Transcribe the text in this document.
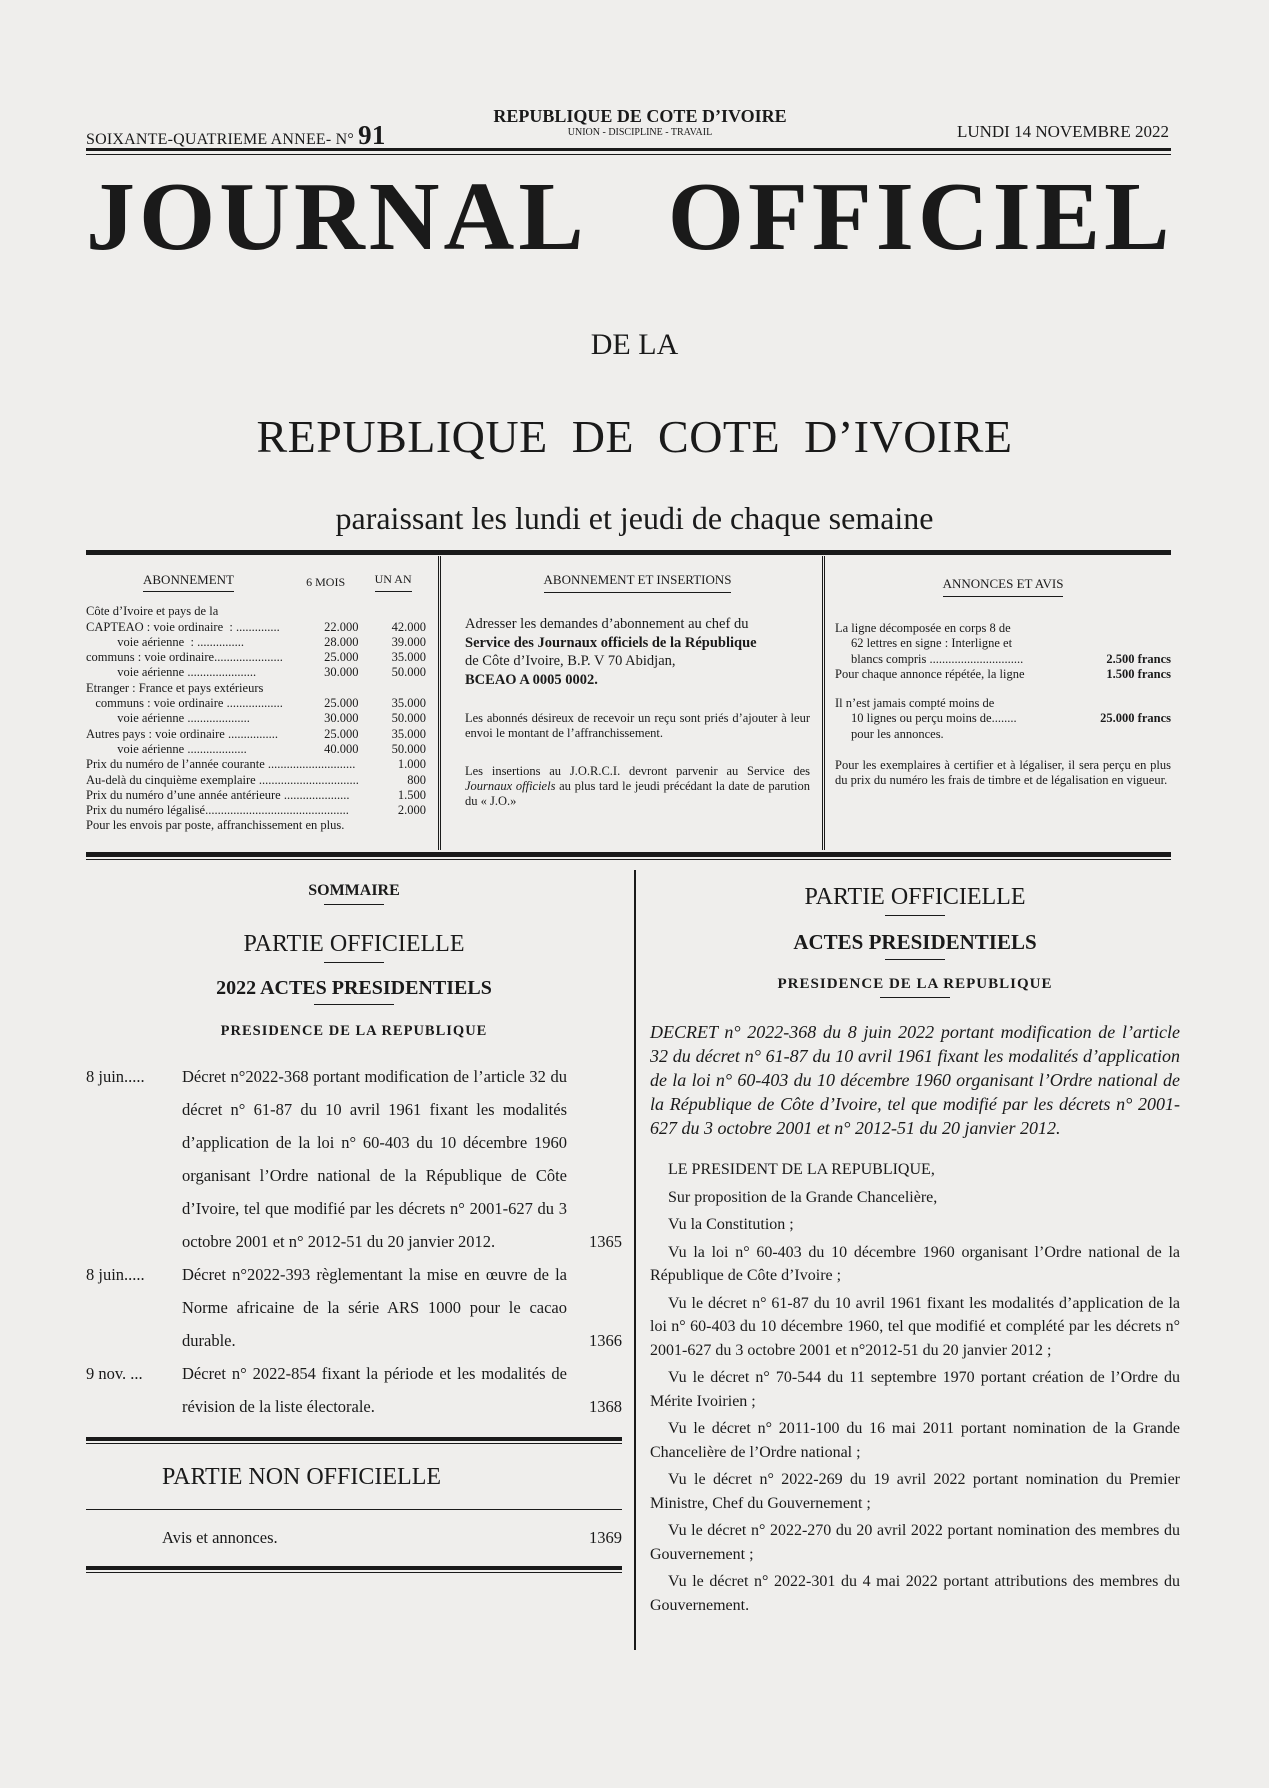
SOIXANTE-QUATRIEME ANNEE- N° 91
REPUBLIQUE DE COTE D’IVOIRE
UNION - DISCIPLINE - TRAVAIL	LUNDI 14 NOVEMBRE 2022
JOURNAL   OFFICIEL
DE LA
REPUBLIQUE  DE  COTE  D’IVOIRE
paraissant les lundi et jeudi de chaque semaine
ABONNEMENT	6 MOIS	UN AN
Côte d’Ivoire et pays de la		
CAPTEAO : voie ordinaire  : ..............	22.000	42.000
voie aérienne  : ...............	28.000	39.000
communs : voie ordinaire......................	25.000	35.000
voie aérienne ......................	30.000	50.000
Etranger : France et pays extérieurs		
communs : voie ordinaire ..................	25.000	35.000
voie aérienne ....................	30.000	50.000
Autres pays : voie ordinaire ................	25.000	35.000
voie aérienne ...................	40.000	50.000
Prix du numéro de l’année courante ............................	1.000
Au-delà du cinquième exemplaire ................................	800
Prix du numéro d’une année antérieure .....................	1.500
Prix du numéro légalisé..............................................	2.000
Pour les envois par poste, affranchissement en plus.	
ABONNEMENT ET INSERTIONS

Adresser les demandes d’abonnement au chef du
Service des Journaux officiels de la République
de Côte d’Ivoire, B.P. V 70 Abidjan,
BCEAO A 0005 0002.

Les abonnés désireux de recevoir un reçu sont priés d’ajouter à leur envoi le montant de l’affranchissement.

Les insertions au J.O.R.C.I. devront parvenir au Service des Journaux officiels au plus tard le jeudi précédant la date de parution du « J.O.»

ANNONCES ET AVIS
La ligne décomposée en corps 8 de
62 lettres en signe : Interligne et
blancs compris ..............................	2.500 francs
Pour chaque annonce répétée, la ligne	1.500 francs
Il n’est jamais compté moins de
10 lignes ou perçu moins de........	25.000 francs
pour les annonces.
Pour les exemplaires à certifier et à légaliser, il sera perçu en plus du prix du numéro les frais de timbre et de légalisation en vigueur.
SOMMAIRE
PARTIE OFFICIELLE
2022 ACTES PRESIDENTIELS
PRESIDENCE DE LA REPUBLIQUE
8 juin.....	Décret n°2022-368 portant modification de l’article 32 du décret n° 61-87 du 10 avril 1961 fixant les modalités d’application de la loi n° 60-403 du 10 décembre 1960 organisant l’Ordre national de la République de Côte d’Ivoire, tel que modifié par les décrets n° 2001-627 du 3 octobre 2001 et n° 2012-51 du 20 janvier 2012.	1365
8 juin.....	Décret n°2022-393 règlementant la mise en œuvre de la Norme africaine de la série ARS 1000 pour le cacao durable.	1366
9 nov. ...	Décret n° 2022-854 fixant la période et les modalités de révision de la liste électorale.	1368
PARTIE NON OFFICIELLE
Avis et annonces.	1369
PARTIE OFFICIELLE
ACTES PRESIDENTIELS
PRESIDENCE DE LA REPUBLIQUE
DECRET n° 2022-368 du 8 juin 2022 portant modification de l’article 32 du décret n° 61-87 du 10 avril 1961 fixant les modalités d’application de la loi n° 60-403 du 10 décembre 1960 organisant l’Ordre national de la République de Côte d’Ivoire, tel que modifié par les décrets n° 2001-627 du 3 octobre 2001 et n° 2012-51 du 20 janvier 2012.

LE PRESIDENT DE LA REPUBLIQUE,

Sur proposition de la Grande Chancelière,

Vu la Constitution ;

Vu la loi n° 60-403 du 10 décembre 1960 organisant l’Ordre national de la République de Côte d’Ivoire ;

Vu le décret n° 61-87 du 10 avril 1961 fixant les modalités d’application de la loi n° 60-403 du 10 décembre 1960, tel que modifié et complété par les décrets n° 2001-627 du 3 octobre 2001 et n°2012-51 du 20 janvier 2012 ;

Vu le décret n° 70-544 du 11 septembre 1970 portant création de l’Ordre du Mérite Ivoirien ;

Vu le décret n° 2011-100 du 16 mai 2011 portant nomination de la Grande Chancelière de l’Ordre national ;

Vu le décret n° 2022-269 du 19 avril 2022 portant nomination du Premier Ministre, Chef du Gouvernement ;

Vu le décret n° 2022-270 du 20 avril 2022 portant nomination des membres du Gouvernement ;

Vu le décret n° 2022-301 du 4 mai 2022 portant attributions des membres du Gouvernement.
